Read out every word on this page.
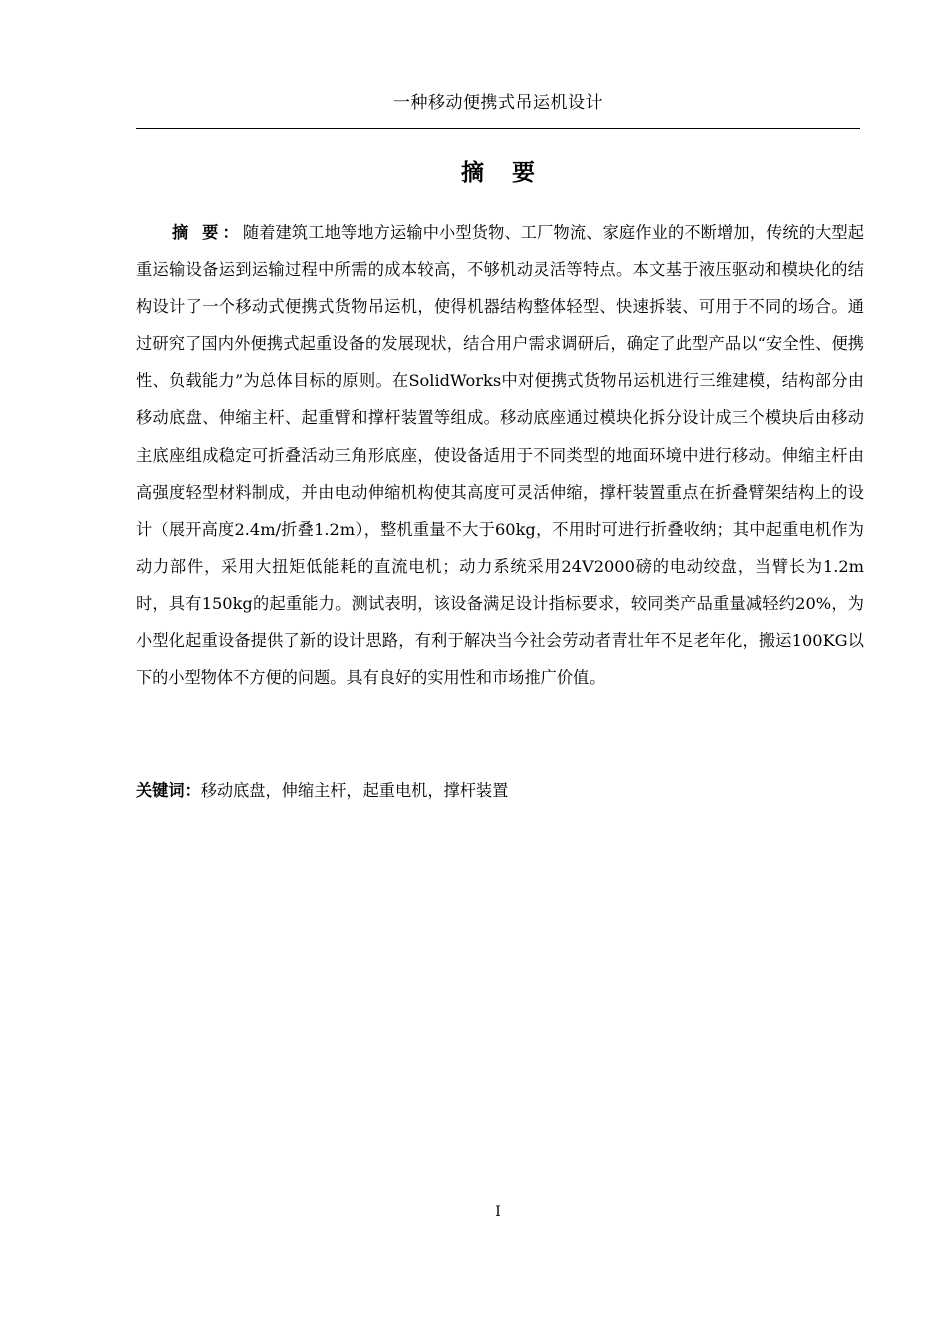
一种移动便携式吊运机设计
摘 要

摘 要：随着建筑工地等地方运输中小型货物、工厂物流、家庭作业的不断增加，传统的大型起重运输设备运到运输过程中所需的成本较高，不够机动灵活等特点。本文基于液压驱动和模块化的结构设计了一个移动式便携式货物吊运机，使得机器结构整体轻型、快速拆装、可用于不同的场合。通过研究了国内外便携式起重设备的发展现状，结合用户需求调研后，确定了此型产品以“安全性、便携性、负载能力”为总体目标的原则。在SolidWorks中对便携式货物吊运机进行三维建模，结构部分由移动底盘、伸缩主杆、起重臂和撑杆装置等组成。移动底座通过模块化拆分设计成三个模块后由移动主底座组成稳定可折叠活动三角形底座，使设备适用于不同类型的地面环境中进行移动。伸缩主杆由高强度轻型材料制成，并由电动伸缩机构使其高度可灵活伸缩，撑杆装置重点在折叠臂架结构上的设计（展开高度2.4m/折叠1.2m），整机重量不大于60kg，不用时可进行折叠收纳；其中起重电机作为动力部件，采用大扭矩低能耗的直流电机；动力系统采用24V2000磅的电动绞盘，当臂长为1.2m时，具有150kg的起重能力。测试表明，该设备满足设计指标要求，较同类产品重量减轻约20%，为小型化起重设备提供了新的设计思路，有利于解决当今社会劳动者青壮年不足老年化，搬运100KG以下的小型物体不方便的问题。具有良好的实用性和市场推广价值。

关键词：移动底盘，伸缩主杆，起重电机，撑杆装置

I
